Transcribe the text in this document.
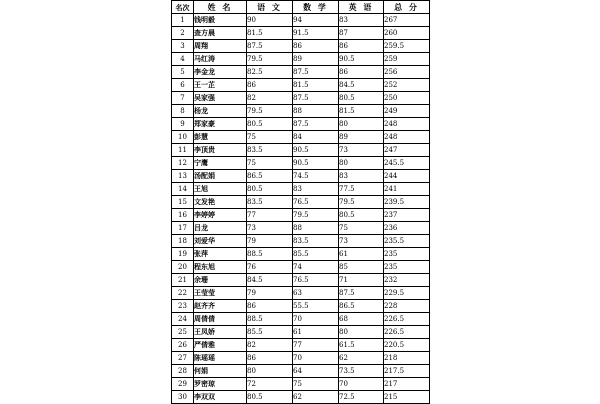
名次	姓 名	语 文	数 学	英 语	总 分
1	钱明毅	90	94	83	267
2	查方晨	81.5	91.5	87	260
3	周翔	87.5	86	86	259.5
4	马红涛	79.5	89	90.5	259
5	李金龙	82.5	87.5	86	256
6	王一芷	86	81.5	84.5	252
7	吴家强	82	87.5	80.5	250
8	杨龙	79.5	88	81.5	249
9	郑家豪	80.5	87.5	80	248
10	彭慧	75	84	89	248
11	李顶贵	83.5	90.5	73	247
12	宁鹰	75	90.5	80	245.5
13	汤配娟	86.5	74.5	83	244
14	王旭	80.5	83	77.5	241
15	文发艳	83.5	76.5	79.5	239.5
16	李婷婷	77	79.5	80.5	237
17	吕龙	73	88	75	236
18	刘爱华	79	83.5	73	235.5
19	张萍	88.5	85.5	61	235
20	程东旭	76	74	85	235
21	余珊	84.5	76.5	71	232
22	王莹莹	79	63	87.5	229.5
23	赵齐齐	86	55.5	86.5	228
24	周倩倩	88.5	70	68	226.5
25	王凤娇	85.5	61	80	226.5
26	严倩雅	82	77	61.5	220.5
27	陈瑶瑶	86	70	62	218
28	何娟	80	64	73.5	217.5
29	罗密琼	72	75	70	217
30	李双双	80.5	62	72.5	215
